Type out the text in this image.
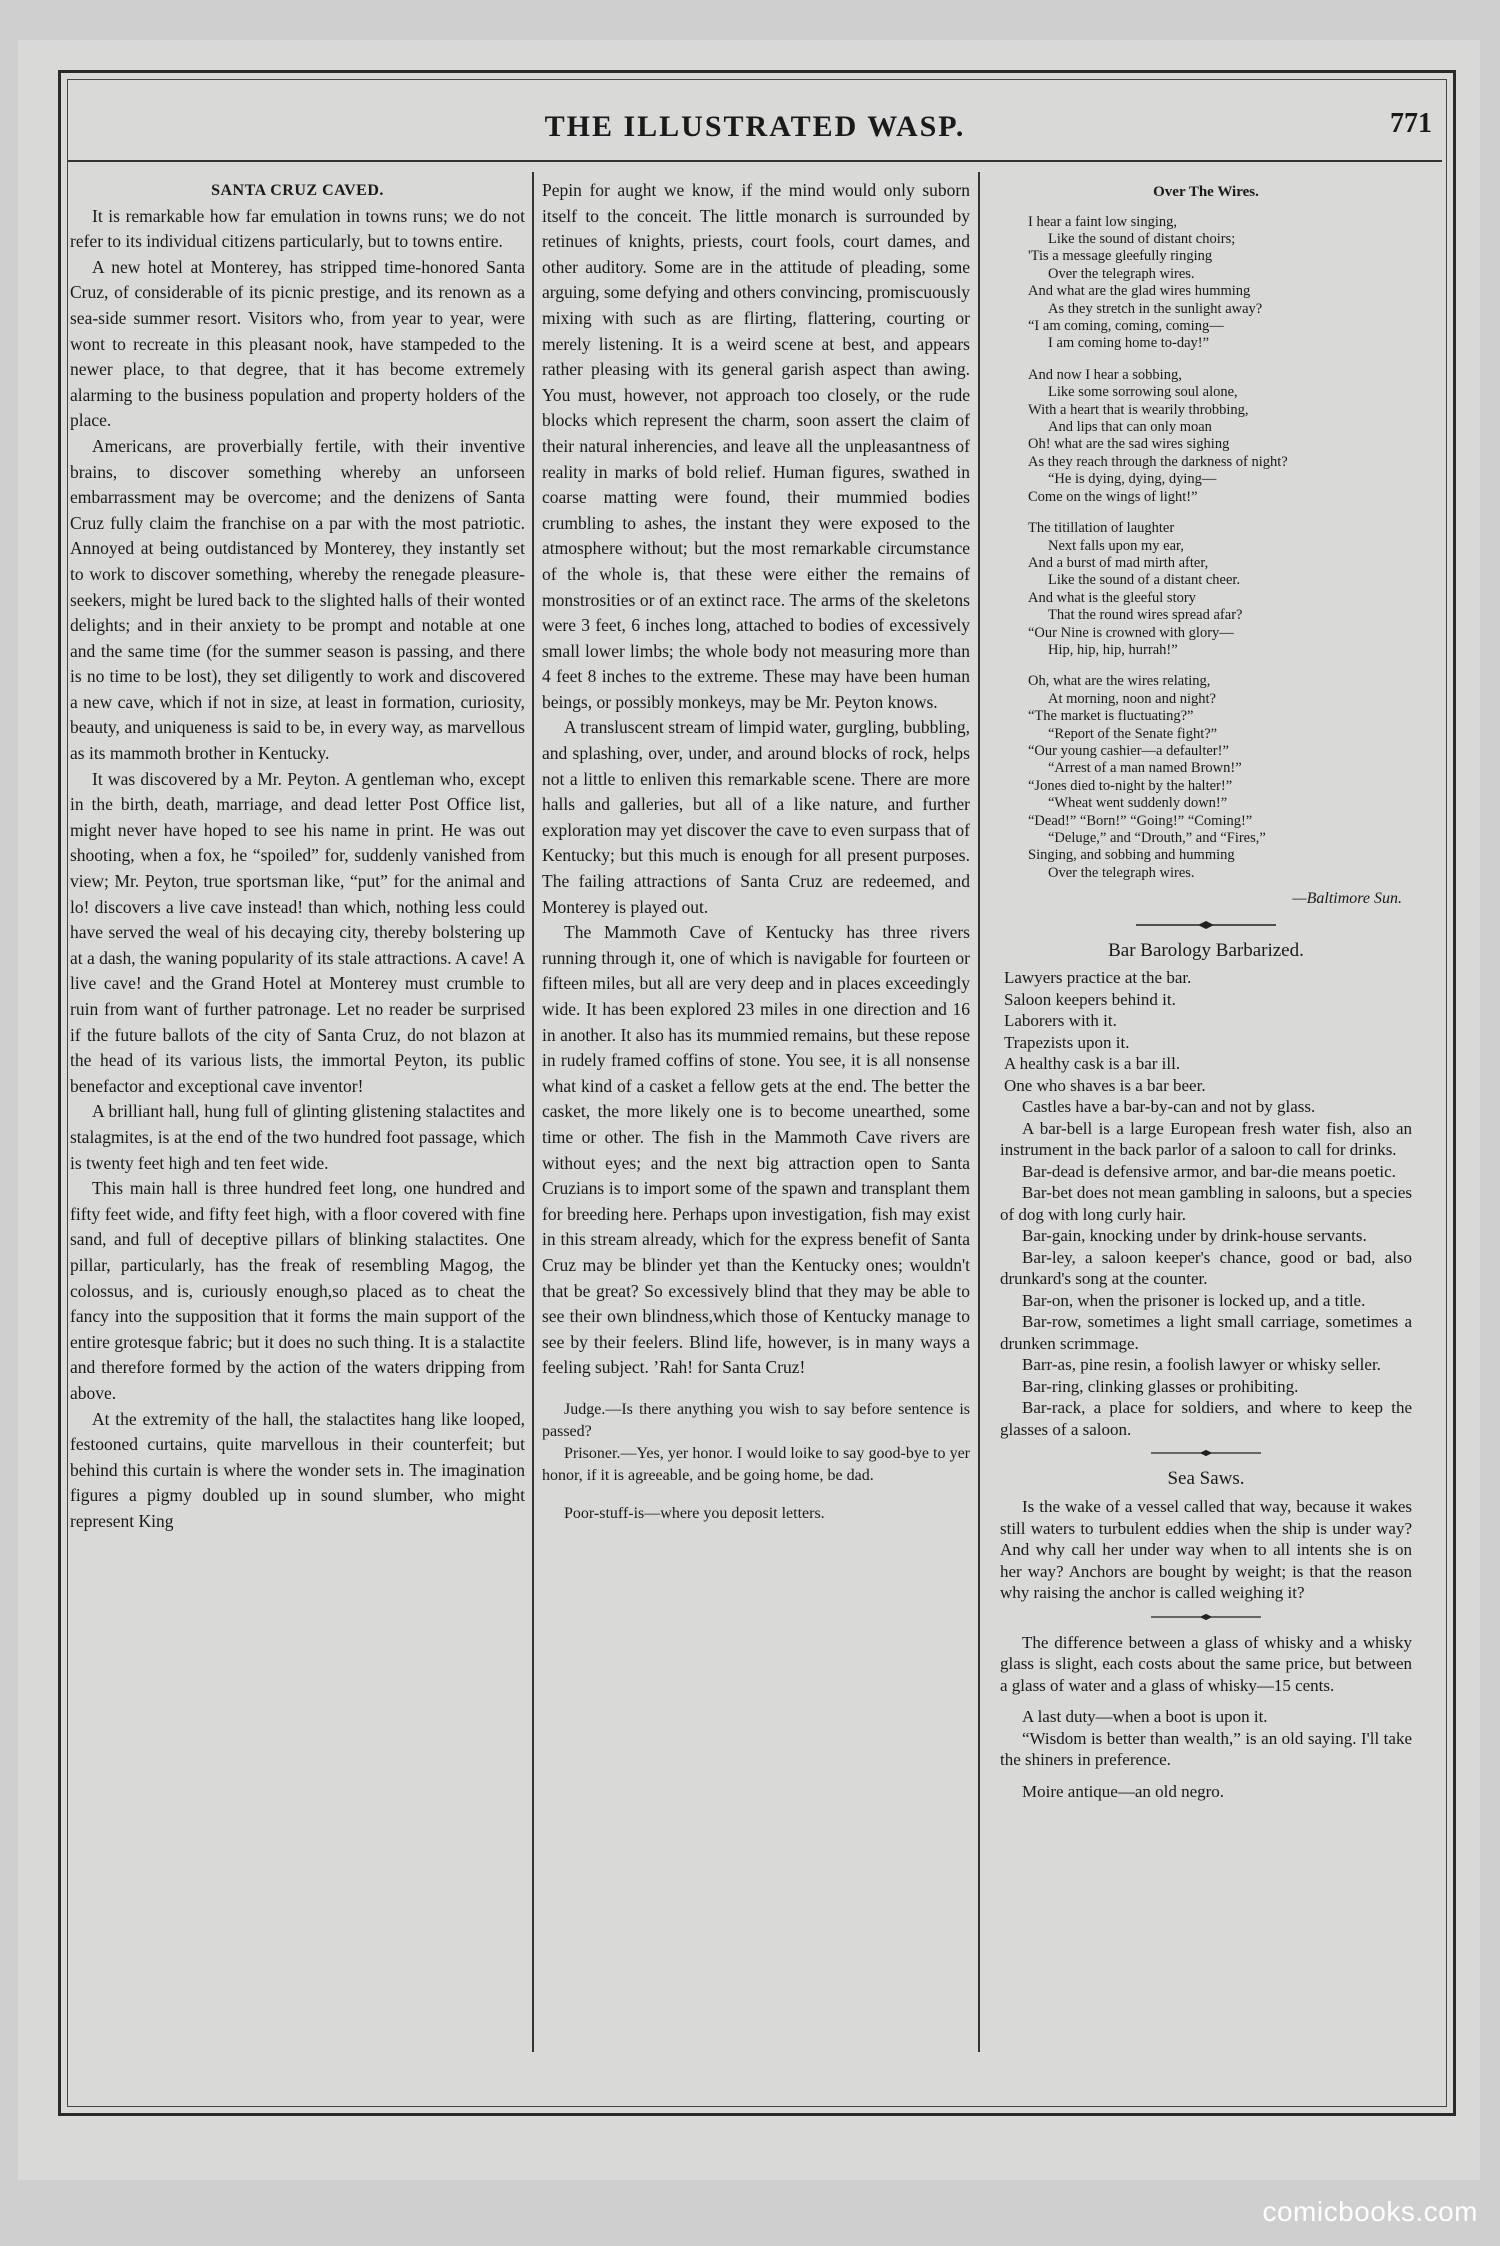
THE ILLUSTRATED WASP.	771

SANTA CRUZ CAVED.

It is remarkable how far emulation in towns runs; we do not refer to its individual citizens particularly, but to towns entire.

A new hotel at Monterey, has stripped time-honored Santa Cruz, of considerable of its picnic prestige, and its renown as a sea-side summer resort. Visitors who, from year to year, were wont to recreate in this pleasant nook, have stampeded to the newer place, to that degree, that it has become extremely alarming to the business population and property holders of the place.

Americans, are proverbially fertile, with their inventive brains, to discover something whereby an unforseen embarrassment may be overcome; and the denizens of Santa Cruz fully claim the franchise on a par with the most patriotic. Annoyed at being outdistanced by Monterey, they instantly set to work to discover something, whereby the renegade pleasure-seekers, might be lured back to the slighted halls of their wonted delights; and in their anxiety to be prompt and notable at one and the same time (for the summer season is passing, and there is no time to be lost), they set diligently to work and discovered a new cave, which if not in size, at least in formation, curiosity, beauty, and uniqueness is said to be, in every way, as marvellous as its mammoth brother in Kentucky.

It was discovered by a Mr. Peyton. A gentleman who, except in the birth, death, marriage, and dead letter Post Office list, might never have hoped to see his name in print. He was out shooting, when a fox, he “spoiled” for, suddenly vanished from view; Mr. Peyton, true sportsman like, “put” for the animal and lo! discovers a live cave instead! than which, nothing less could have served the weal of his decaying city, thereby bolstering up at a dash, the waning popularity of its stale attractions. A cave! A live cave! and the Grand Hotel at Monterey must crumble to ruin from want of further patronage. Let no reader be surprised if the future ballots of the city of Santa Cruz, do not blazon at the head of its various lists, the immortal Peyton, its public benefactor and exceptional cave inventor!

A brilliant hall, hung full of glinting glistening stalactites and stalagmites, is at the end of the two hundred foot passage, which is twenty feet high and ten feet wide.

This main hall is three hundred feet long, one hundred and fifty feet wide, and fifty feet high, with a floor covered with fine sand, and full of deceptive pillars of blinking stalactites. One pillar, particularly, has the freak of resembling Magog, the colossus, and is, curiously enough,so placed as to cheat the fancy into the supposition that it forms the main support of the entire grotesque fabric; but it does no such thing. It is a stalactite and therefore formed by the action of the waters dripping from above.

At the extremity of the hall, the stalactites hang like looped, festooned curtains, quite marvellous in their counterfeit; but behind this curtain is where the wonder sets in. The imagination figures a pigmy doubled up in sound slumber, who might represent King

Pepin for aught we know, if the mind would only suborn itself to the conceit. The little monarch is surrounded by retinues of knights, priests, court fools, court dames, and other auditory. Some are in the attitude of pleading, some arguing, some defying and others convincing, promiscuously mixing with such as are flirting, flattering, courting or merely listening. It is a weird scene at best, and appears rather pleasing with its general garish aspect than awing. You must, however, not approach too closely, or the rude blocks which represent the charm, soon assert the claim of their natural inherencies, and leave all the unpleasantness of reality in marks of bold relief. Human figures, swathed in coarse matting were found, their mummied bodies crumbling to ashes, the instant they were exposed to the atmosphere without; but the most remarkable circumstance of the whole is, that these were either the remains of monstrosities or of an extinct race. The arms of the skeletons were 3 feet, 6 inches long, attached to bodies of excessively small lower limbs; the whole body not measuring more than 4 feet 8 inches to the extreme. These may have been human beings, or possibly monkeys, may be Mr. Peyton knows.

A transluscent stream of limpid water, gurgling, bubbling, and splashing, over, under, and around blocks of rock, helps not a little to enliven this remarkable scene. There are more halls and galleries, but all of a like nature, and further exploration may yet discover the cave to even surpass that of Kentucky; but this much is enough for all present purposes. The failing attractions of Santa Cruz are redeemed, and Monterey is played out.

The Mammoth Cave of Kentucky has three rivers running through it, one of which is navigable for fourteen or fifteen miles, but all are very deep and in places exceedingly wide. It has been explored 23 miles in one direction and 16 in another. It also has its mummied remains, but these repose in rudely framed coffins of stone. You see, it is all nonsense what kind of a casket a fellow gets at the end. The better the casket, the more likely one is to become unearthed, some time or other. The fish in the Mammoth Cave rivers are without eyes; and the next big attraction open to Santa Cruzians is to import some of the spawn and transplant them for breeding here. Perhaps upon investigation, fish may exist in this stream already, which for the express benefit of Santa Cruz may be blinder yet than the Kentucky ones; wouldn't that be great? So excessively blind that they may be able to see their own blindness,which those of Kentucky manage to see by their feelers. Blind life, however, is in many ways a feeling subject. ’Rah! for Santa Cruz!

Judge.—Is there anything you wish to say before sentence is passed?

Prisoner.—Yes, yer honor. I would loike to say good-bye to yer honor, if it is agreeable, and be going home, be dad.

Poor-stuff-is—where you deposit letters.

Over The Wires.
I hear a faint low singing,
Like the sound of distant choirs;
'Tis a message gleefully ringing
Over the telegraph wires.
And what are the glad wires humming
As they stretch in the sunlight away?
“I am coming, coming, coming—
I am coming home to-day!”
And now I hear a sobbing,
Like some sorrowing soul alone,
With a heart that is wearily throbbing,
And lips that can only moan
Oh! what are the sad wires sighing
As they reach through the darkness of night?
“He is dying, dying, dying—
Come on the wings of light!”
The titillation of laughter
Next falls upon my ear,
And a burst of mad mirth after,
Like the sound of a distant cheer.
And what is the gleeful story
That the round wires spread afar?
“Our Nine is crowned with glory—
Hip, hip, hip, hurrah!”
Oh, what are the wires relating,
At morning, noon and night?
“The market is fluctuating?”
“Report of the Senate fight?”
“Our young cashier—a defaulter!”
“Arrest of a man named Brown!”
“Jones died to-night by the halter!”
“Wheat went suddenly down!”
“Dead!” “Born!” “Going!” “Coming!”
“Deluge,” and “Drouth,” and “Fires,”
Singing, and sobbing and humming
Over the telegraph wires.
—Baltimore Sun.
Bar Barology Barbarized.
Lawyers practice at the bar.
Saloon keepers behind it.
Laborers with it.
Trapezists upon it.
A healthy cask is a bar ill.
One who shaves is a bar beer.

Castles have a bar-by-can and not by glass.

A bar-bell is a large European fresh water fish, also an instrument in the back parlor of a saloon to call for drinks.

Bar-dead is defensive armor, and bar-die means poetic.

Bar-bet does not mean gambling in saloons, but a species of dog with long curly hair.

Bar-gain, knocking under by drink-house servants.

Bar-ley, a saloon keeper's chance, good or bad, also drunkard's song at the counter.

Bar-on, when the prisoner is locked up, and a title.

Bar-row, sometimes a light small carriage, sometimes a drunken scrimmage.

Barr-as, pine resin, a foolish lawyer or whisky seller.

Bar-ring, clinking glasses or prohibiting.

Bar-rack, a place for soldiers, and where to keep the glasses of a saloon.

Sea Saws.

Is the wake of a vessel called that way, because it wakes still waters to turbulent eddies when the ship is under way? And why call her under way when to all intents she is on her way? Anchors are bought by weight; is that the reason why raising the anchor is called weighing it?

The difference between a glass of whisky and a whisky glass is slight, each costs about the same price, but between a glass of water and a glass of whisky—15 cents.

A last duty—when a boot is upon it.

“Wisdom is better than wealth,” is an old saying. I'll take the shiners in preference.

Moire antique—an old negro.

comicbooks.com
